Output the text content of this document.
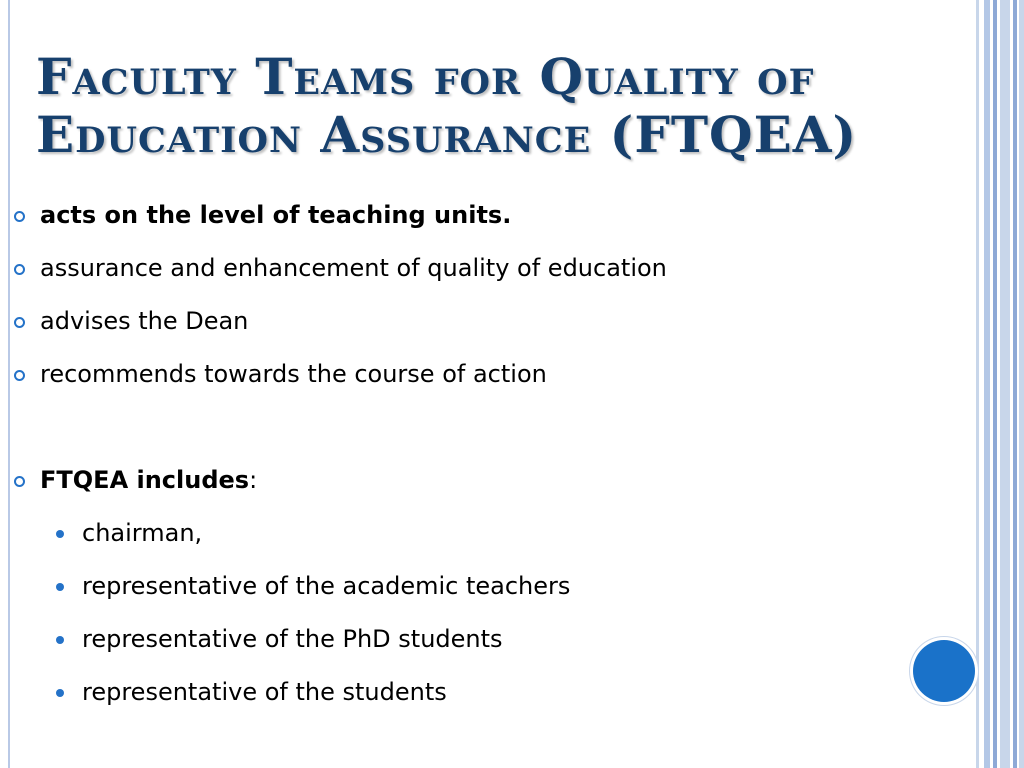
Faculty Teams for Quality of
Education Assurance (FTQEA)
acts on the level of teaching units.
assurance and enhancement of quality of education
advises the Dean
recommends towards the course of action
FTQEA includes:
chairman,
representative of the academic teachers
representative of the PhD students
representative of the students
